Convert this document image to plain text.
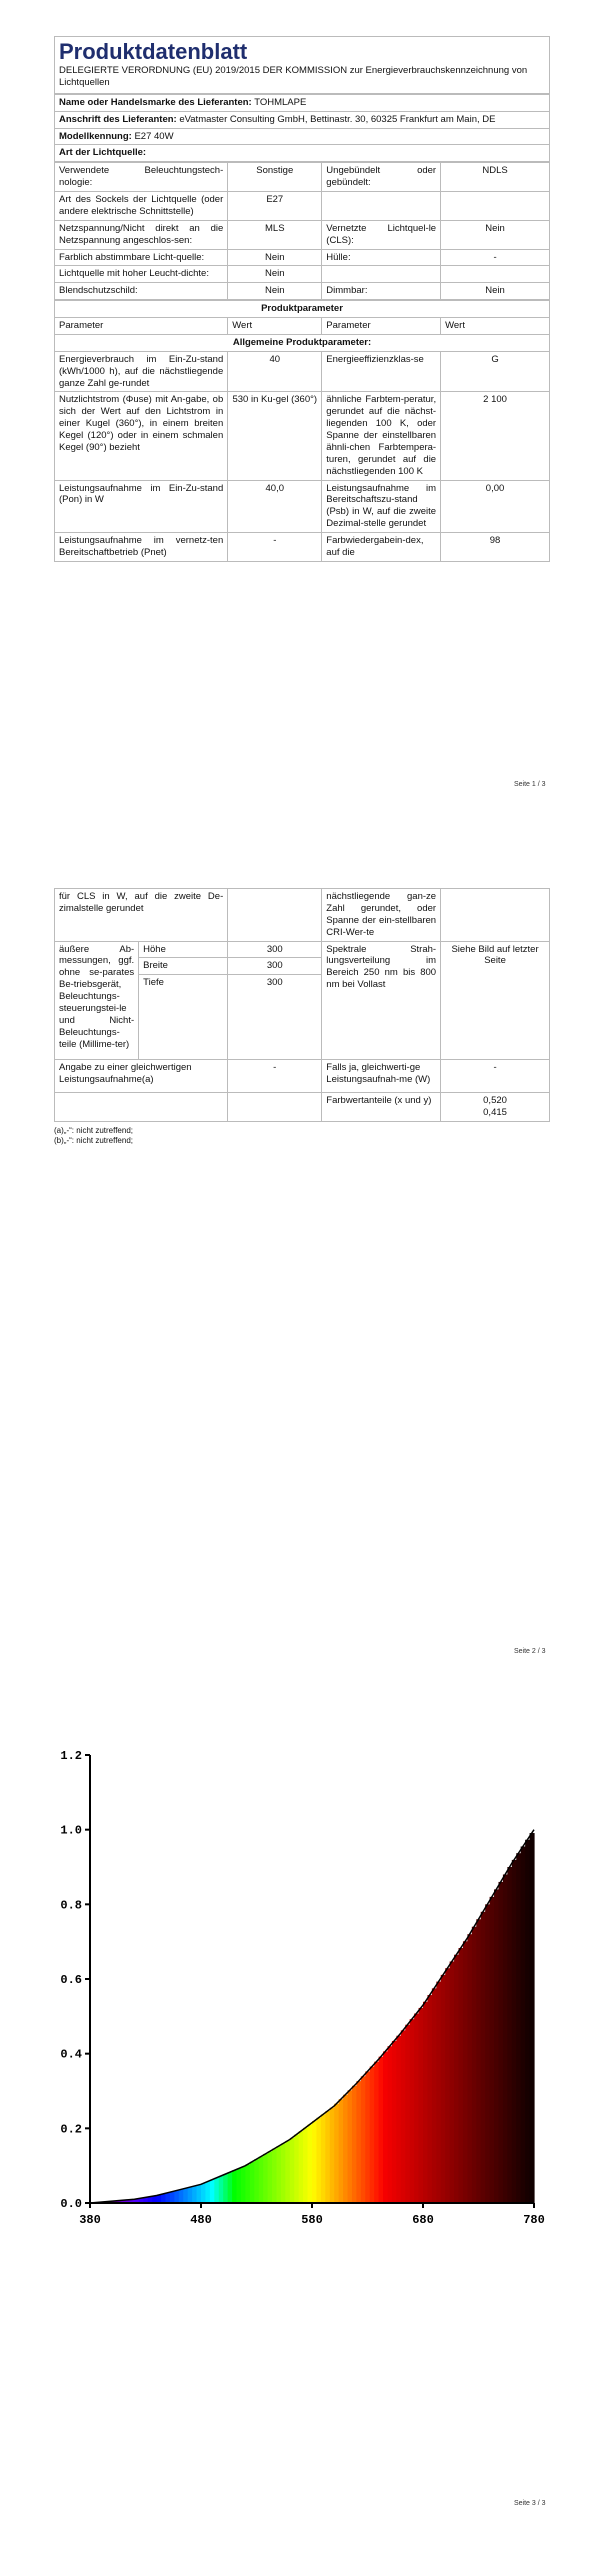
Produktdatenblatt
DELEGIERTE VERORDNUNG (EU) 2019/2015 DER KOMMISSION zur Energieverbrauchskennzeichnung von Lichtquellen
Name oder Handelsmarke des Lieferanten: TOHMLAPE
Anschrift des Lieferanten: eVatmaster Consulting GmbH, Bettinastr. 30, 60325 Frankfurt am Main, DE
Modellkennung: E27 40W
Art der Lichtquelle:
Verwendete Beleuchtungstech-nologie:	Sonstige	Ungebündelt oder gebündelt:	NDLS
Art des Sockels der Lichtquelle (oder andere elektrische Schnittstelle)	E27		
Netzspannung/Nicht direkt an die Netzspannung angeschlos-sen:	MLS	Vernetzte Lichtquel-le (CLS):	Nein
Farblich abstimmbare Licht-quelle:	Nein	Hülle:	-
Lichtquelle mit hoher Leucht-dichte:	Nein		
Blendschutzschild:	Nein	Dimmbar:	Nein
Produktparameter			
Parameter	Wert	Parameter	Wert
Allgemeine Produktparameter:			
Energieverbrauch im Ein-Zu-stand (kWh/1000 h), auf die nächstliegende ganze Zahl ge-rundet	40	Energieeffizienzklas-se	G
Nutzlichtstrom (Φuse) mit An-gabe, ob sich der Wert auf den Lichtstrom in einer Kugel (360°), in einem breiten Kegel (120°) oder in einem schmalen Kegel (90°) bezieht	530 in Ku-gel (360°)	ähnliche Farbtem-peratur, gerundet auf die nächst-liegenden 100 K, oder Spanne der einstellbaren ähnli-chen Farbtempera-turen, gerundet auf die nächstliegenden 100 K	2 100
Leistungsaufnahme im Ein-Zu-stand (Pon) in W	40,0	Leistungsaufnahme im Bereitschaftszu-stand (Psb) in W, auf die zweite Dezimal-stelle gerundet	0,00
Leistungsaufnahme im vernetz-ten Bereitschaftbetrieb (Pnet)	-	Farbwiedergabein-dex, auf die	98
Seite 1 / 3
für CLS in W, auf die zweite De-zimalstelle gerundet			nächstliegende gan-ze Zahl gerundet, oder Spanne der ein-stellbaren CRI-Wer-te	
äußere Ab-messungen, ggf. ohne se-parates Be-triebsgerät, Beleuchtungs-steuerungstei-le und Nicht-Beleuchtungs-teile (Millime-ter)	Höhe	300	Spektrale Strah-lungsverteilung im Bereich 250 nm bis 800 nm bei Vollast	Siehe Bild auf letzter Seite
	Breite	300		
	Tiefe	300		
Angabe zu einer gleichwertigen Leistungsaufnahme(a)		-	Falls ja, gleichwerti-ge Leistungsaufnah-me (W)	-
			Farbwertanteile (x und y)	0,520
0,415
(a)„-“: nicht zutreffend;
(b)„-“: nicht zutreffend;
Seite 2 / 3
0.0
0.2
0.4
0.6
0.8
1.0
1.2
380	480	580	680	780
Seite 3 / 3
